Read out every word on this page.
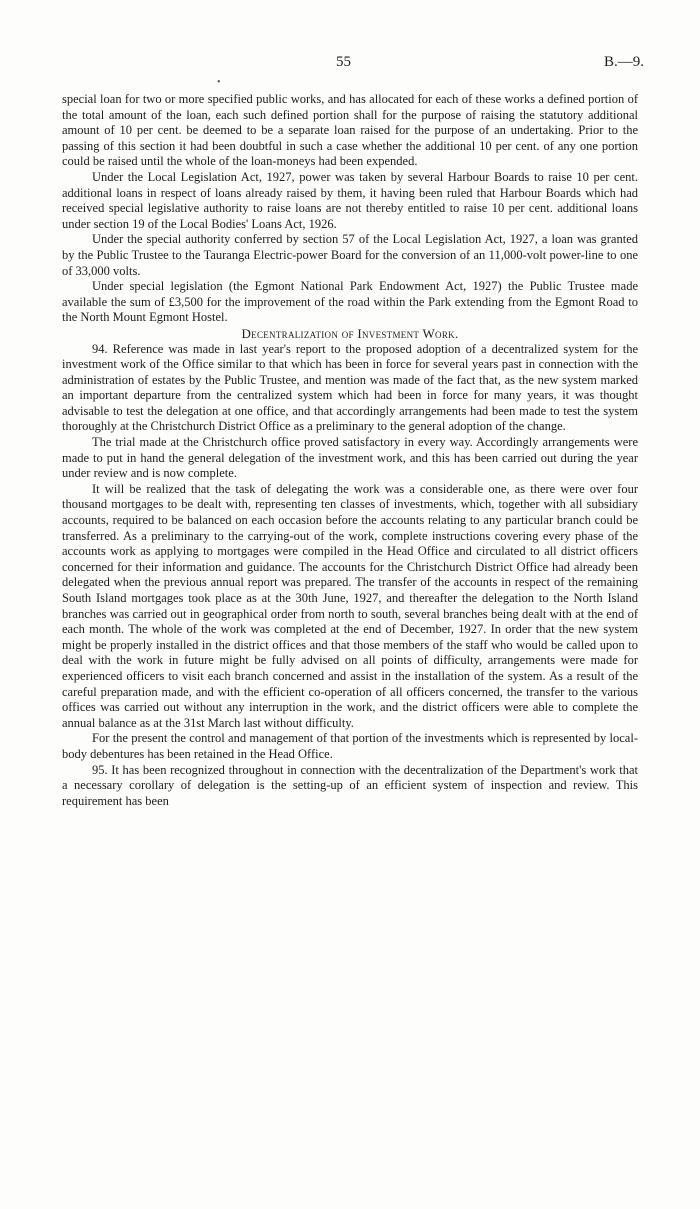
55	B.—9.
•

special loan for two or more specified public works, and has allocated for each of these works a defined portion of the total amount of the loan, each such defined portion shall for the purpose of raising the statutory additional amount of 10 per cent. be deemed to be a separate loan raised for the purpose of an undertaking. Prior to the passing of this section it had been doubtful in such a case whether the additional 10 per cent. of any one portion could be raised until the whole of the loan-moneys had been expended.

Under the Local Legislation Act, 1927, power was taken by several Harbour Boards to raise 10 per cent. additional loans in respect of loans already raised by them, it having been ruled that Harbour Boards which had received special legislative authority to raise loans are not thereby entitled to raise 10 per cent. additional loans under section 19 of the Local Bodies' Loans Act, 1926.

Under the special authority conferred by section 57 of the Local Legislation Act, 1927, a loan was granted by the Public Trustee to the Tauranga Electric-power Board for the conversion of an 11,000-volt power-line to one of 33,000 volts.

Under special legislation (the Egmont National Park Endowment Act, 1927) the Public Trustee made available the sum of £3,500 for the improvement of the road within the Park extending from the Egmont Road to the North Mount Egmont Hostel.

Decentralization of Investment Work.

94. Reference was made in last year's report to the proposed adoption of a decentralized system for the investment work of the Office similar to that which has been in force for several years past in connection with the administration of estates by the Public Trustee, and mention was made of the fact that, as the new system marked an important departure from the centralized system which had been in force for many years, it was thought advisable to test the delegation at one office, and that accordingly arrangements had been made to test the system thoroughly at the Christchurch District Office as a preliminary to the general adoption of the change.

The trial made at the Christchurch office proved satisfactory in every way. Accordingly arrangements were made to put in hand the general delegation of the investment work, and this has been carried out during the year under review and is now complete.

It will be realized that the task of delegating the work was a considerable one, as there were over four thousand mortgages to be dealt with, representing ten classes of investments, which, together with all subsidiary accounts, required to be balanced on each occasion before the accounts relating to any particular branch could be transferred. As a preliminary to the carrying-out of the work, complete instructions covering every phase of the accounts work as applying to mortgages were compiled in the Head Office and circulated to all district officers concerned for their information and guidance. The accounts for the Christchurch District Office had already been delegated when the previous annual report was prepared. The transfer of the accounts in respect of the remaining South Island mortgages took place as at the 30th June, 1927, and thereafter the delegation to the North Island branches was carried out in geographical order from north to south, several branches being dealt with at the end of each month. The whole of the work was completed at the end of December, 1927. In order that the new system might be properly installed in the district offices and that those members of the staff who would be called upon to deal with the work in future might be fully advised on all points of difficulty, arrangements were made for experienced officers to visit each branch concerned and assist in the installation of the system. As a result of the careful preparation made, and with the efficient co-operation of all officers concerned, the transfer to the various offices was carried out without any interruption in the work, and the district officers were able to complete the annual balance as at the 31st March last without difficulty.

For the present the control and management of that portion of the investments which is represented by local-body debentures has been retained in the Head Office.

95. It has been recognized throughout in connection with the decentralization of the Department's work that a necessary corollary of delegation is the setting-up of an efficient system of inspection and review. This requirement has been
